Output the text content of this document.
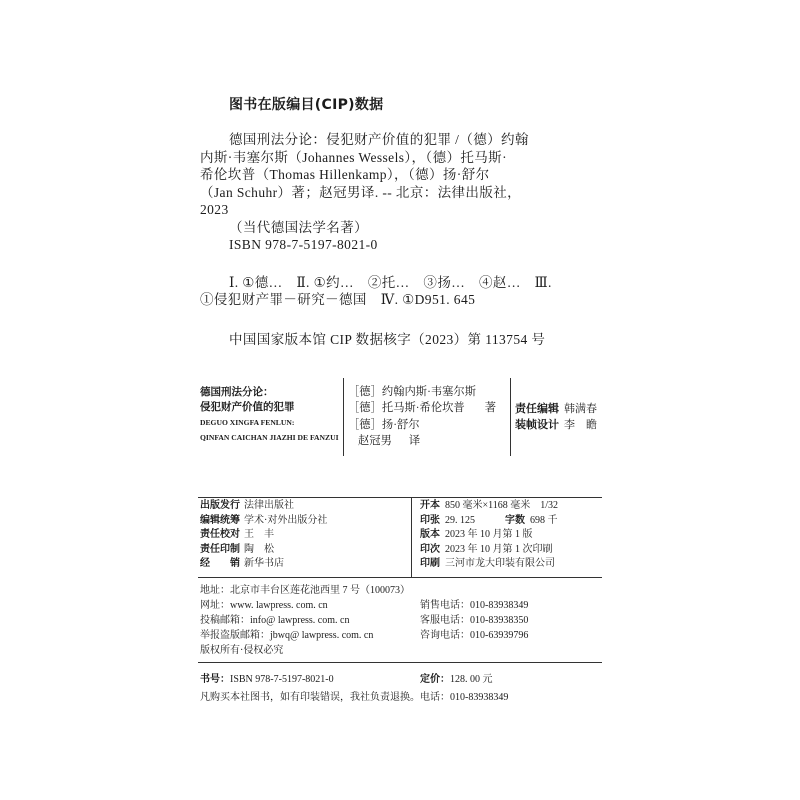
图书在版编目(CIP)数据
德国刑法分论：侵犯财产价值的犯罪 /（德）约翰
内斯·韦塞尔斯（Johannes Wessels），（德）托马斯·
希伦坎普（Thomas Hillenkamp），（德）扬·舒尔
（Jan Schuhr）著；赵冠男译. -- 北京：法律出版社，
2023
（当代德国法学名著）
ISBN 978-7-5197-8021-0
Ⅰ. ①德…　Ⅱ. ①约…　②托…　③扬…　④赵…　Ⅲ.
①侵犯财产罪－研究－德国　Ⅳ. ①D951. 645
中国国家版本馆 CIP 数据核字（2023）第 113754 号
德国刑法分论：
侵犯财产价值的犯罪
DEGUO XINGFA FENLUN:
QINFAN CAICHAN JIAZHI DE FANZUI
［德］约翰内斯·韦塞尔斯
［德］托马斯·希伦坎普 著
［德］扬·舒尔
赵冠男 　 译
责任编辑 韩满春
装帧设计 李　瞻
出版发行 法律出版社
编辑统筹 学术·对外出版分社
责任校对 王　丰
责任印制 陶　松
经　　销 新华书店
开本 850 毫米×1168 毫米　1/32
印张 29. 125	字数 698 千
版本 2023 年 10 月第 1 版
印次 2023 年 10 月第 1 次印刷
印刷 三河市龙大印装有限公司
地址：北京市丰台区莲花池西里 7 号（100073）
网址：www. lawpress. com. cn
投稿邮箱：info@ lawpress. com. cn
举报盗版邮箱：jbwq@ lawpress. com. cn
版权所有·侵权必究
销售电话：010-83938349
客服电话：010-83938350
咨询电话：010-63939796
书号：ISBN 978-7-5197-8021-0
凡购买本社图书，如有印装错误，我社负责退换。电话：010-83938349
定价：128. 00 元
